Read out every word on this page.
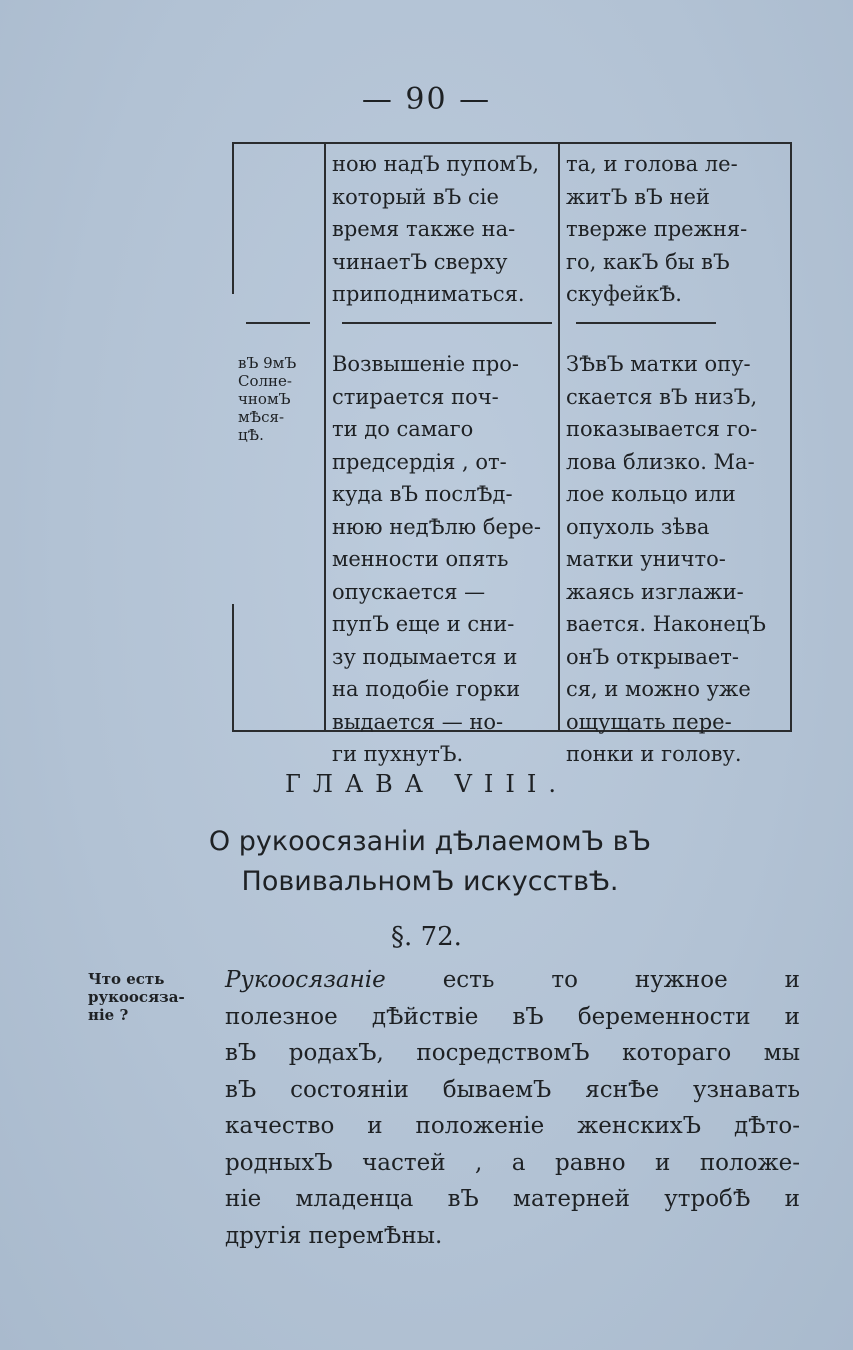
— 90 —
ною надЪ пупомЪ,
который вЪ сiе
время также на-
чинаетЪ сверху
приподниматься.
та, и голова ле-
житЪ вЪ ней
тверже прежня-
го, какЪ бы вЪ
скуфейкѢ.
вЪ 9мЪ
Солне-
чномЪ
мѢся-
цѢ.
Возвышенiе про-
стирается поч-
ти до самаго
предсердiя , от-
куда вЪ послѢд-
нюю недѢлю бере-
менности опять
опускается —
пупЪ еще и сни-
зу подымается и
на подобiе горки
выдается — но-
ги пухнутЪ.
ЗѢвЪ матки опу-
скается вЪ низЪ,
показывается го-
лова близко. Ма-
лое кольцо или
опухоль зѣва
матки уничто-
жаясь изглажи-
вается. НаконецЪ
онЪ открывает-
ся, и можно уже
ощущать пере-
понки и голову.
ГЛАВА VIII.
О рукоосязанiи дѢлаемомЪ вЪ
ПовивальномЪ искусствѢ.
§. 72.
Что есть
рукоосяза-
нiе ?
Рукоосязанiе есть то нужное и
полезное дѢйствiе вЪ беременности и
вЪ родахЪ, посредствомЪ котораго мы
вЪ состоянiи бываемЪ яснѢе узнавать
качество и положенiе женскихЪ дѢто-
родныхЪ частей , а равно и положе-
нiе младенца вЪ матерней утробѢ и
другiя перемѢны.
